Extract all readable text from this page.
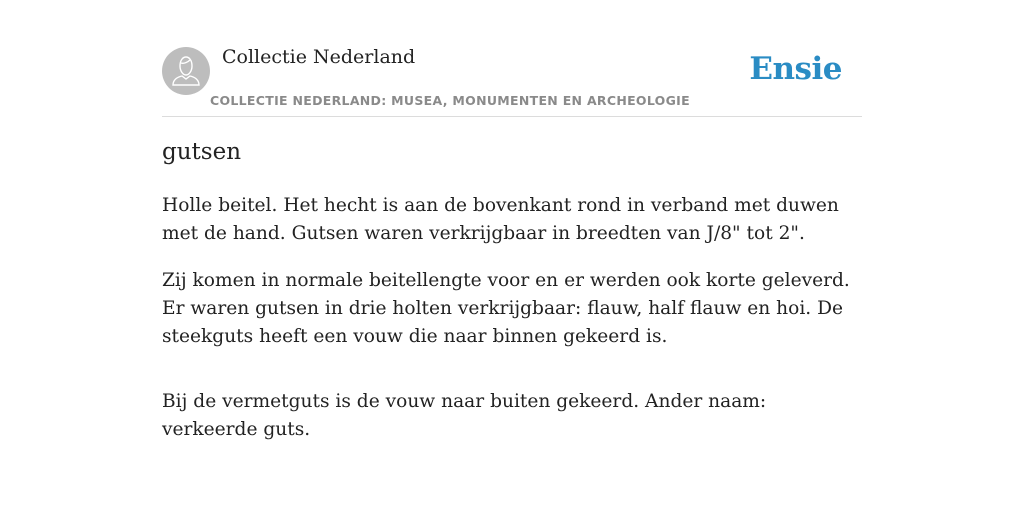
Collectie Nederland
COLLECTIE NEDERLAND: MUSEA, MONUMENTEN EN ARCHEOLOGIE
Ensie
gutsen

Holle beitel. Het hecht is aan de bovenkant rond in verband met duwen met de hand. Gutsen waren verkrijgbaar in breedten van J/8" tot 2".

Zij komen in normale beitellengte voor en er werden ook korte geleverd. Er waren gutsen in drie holten verkrijgbaar: flauw, half flauw en hoi. De steekguts heeft een vouw die naar binnen gekeerd is.

Bij de vermetguts is de vouw naar buiten gekeerd. Ander naam: verkeerde guts.
